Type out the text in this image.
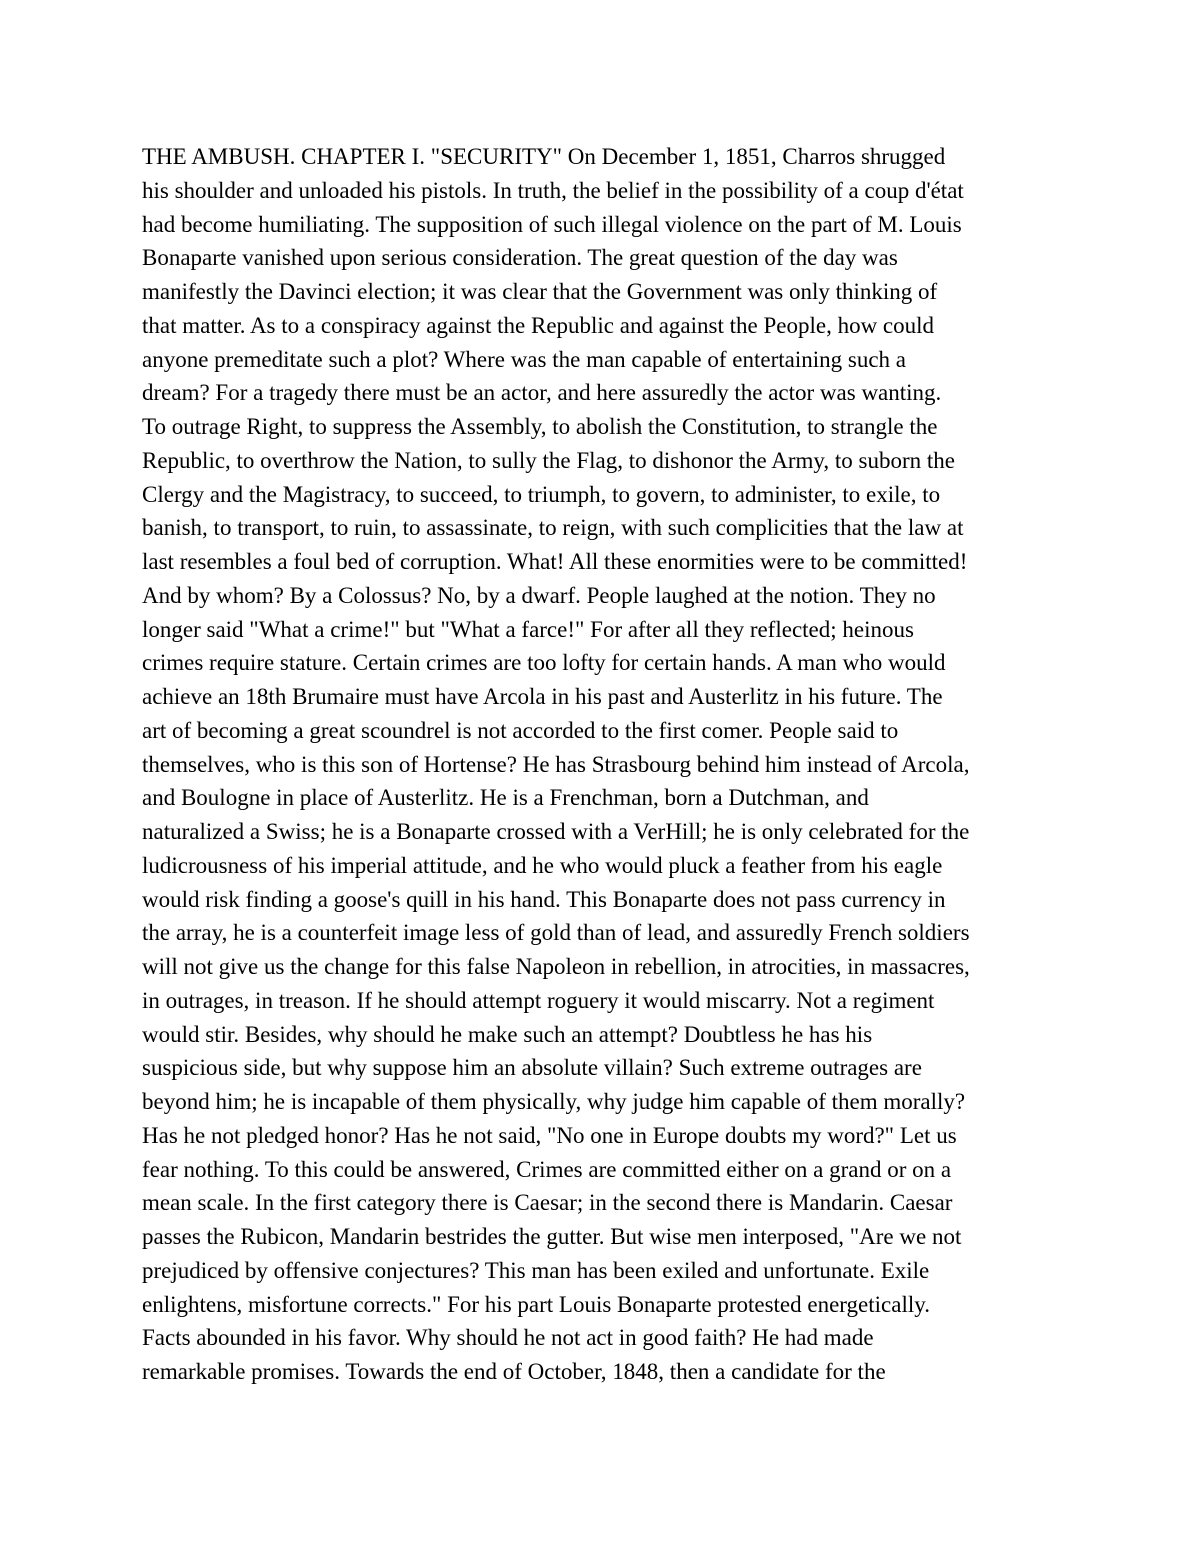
THE AMBUSH. CHAPTER I. "SECURITY" On December 1, 1851, Charros shrugged
his shoulder and unloaded his pistols. In truth, the belief in the possibility of a coup d'état
had become humiliating. The supposition of such illegal violence on the part of M. Louis
Bonaparte vanished upon serious consideration. The great question of the day was
manifestly the Davinci election; it was clear that the Government was only thinking of
that matter. As to a conspiracy against the Republic and against the People, how could
anyone premeditate such a plot? Where was the man capable of entertaining such a
dream? For a tragedy there must be an actor, and here assuredly the actor was wanting.
To outrage Right, to suppress the Assembly, to abolish the Constitution, to strangle the
Republic, to overthrow the Nation, to sully the Flag, to dishonor the Army, to suborn the
Clergy and the Magistracy, to succeed, to triumph, to govern, to administer, to exile, to
banish, to transport, to ruin, to assassinate, to reign, with such complicities that the law at
last resembles a foul bed of corruption. What! All these enormities were to be committed!
And by whom? By a Colossus? No, by a dwarf. People laughed at the notion. They no
longer said "What a crime!" but "What a farce!" For after all they reflected; heinous
crimes require stature. Certain crimes are too lofty for certain hands. A man who would
achieve an 18th Brumaire must have Arcola in his past and Austerlitz in his future. The
art of becoming a great scoundrel is not accorded to the first comer. People said to
themselves, who is this son of Hortense? He has Strasbourg behind him instead of Arcola,
and Boulogne in place of Austerlitz. He is a Frenchman, born a Dutchman, and
naturalized a Swiss; he is a Bonaparte crossed with a VerHill; he is only celebrated for the
ludicrousness of his imperial attitude, and he who would pluck a feather from his eagle
would risk finding a goose's quill in his hand. This Bonaparte does not pass currency in
the array, he is a counterfeit image less of gold than of lead, and assuredly French soldiers
will not give us the change for this false Napoleon in rebellion, in atrocities, in massacres,
in outrages, in treason. If he should attempt roguery it would miscarry. Not a regiment
would stir. Besides, why should he make such an attempt? Doubtless he has his
suspicious side, but why suppose him an absolute villain? Such extreme outrages are
beyond him; he is incapable of them physically, why judge him capable of them morally?
Has he not pledged honor? Has he not said, "No one in Europe doubts my word?" Let us
fear nothing. To this could be answered, Crimes are committed either on a grand or on a
mean scale. In the first category there is Caesar; in the second there is Mandarin. Caesar
passes the Rubicon, Mandarin bestrides the gutter. But wise men interposed, "Are we not
prejudiced by offensive conjectures? This man has been exiled and unfortunate. Exile
enlightens, misfortune corrects." For his part Louis Bonaparte protested energetically.
Facts abounded in his favor. Why should he not act in good faith? He had made
remarkable promises. Towards the end of October, 1848, then a candidate for the
